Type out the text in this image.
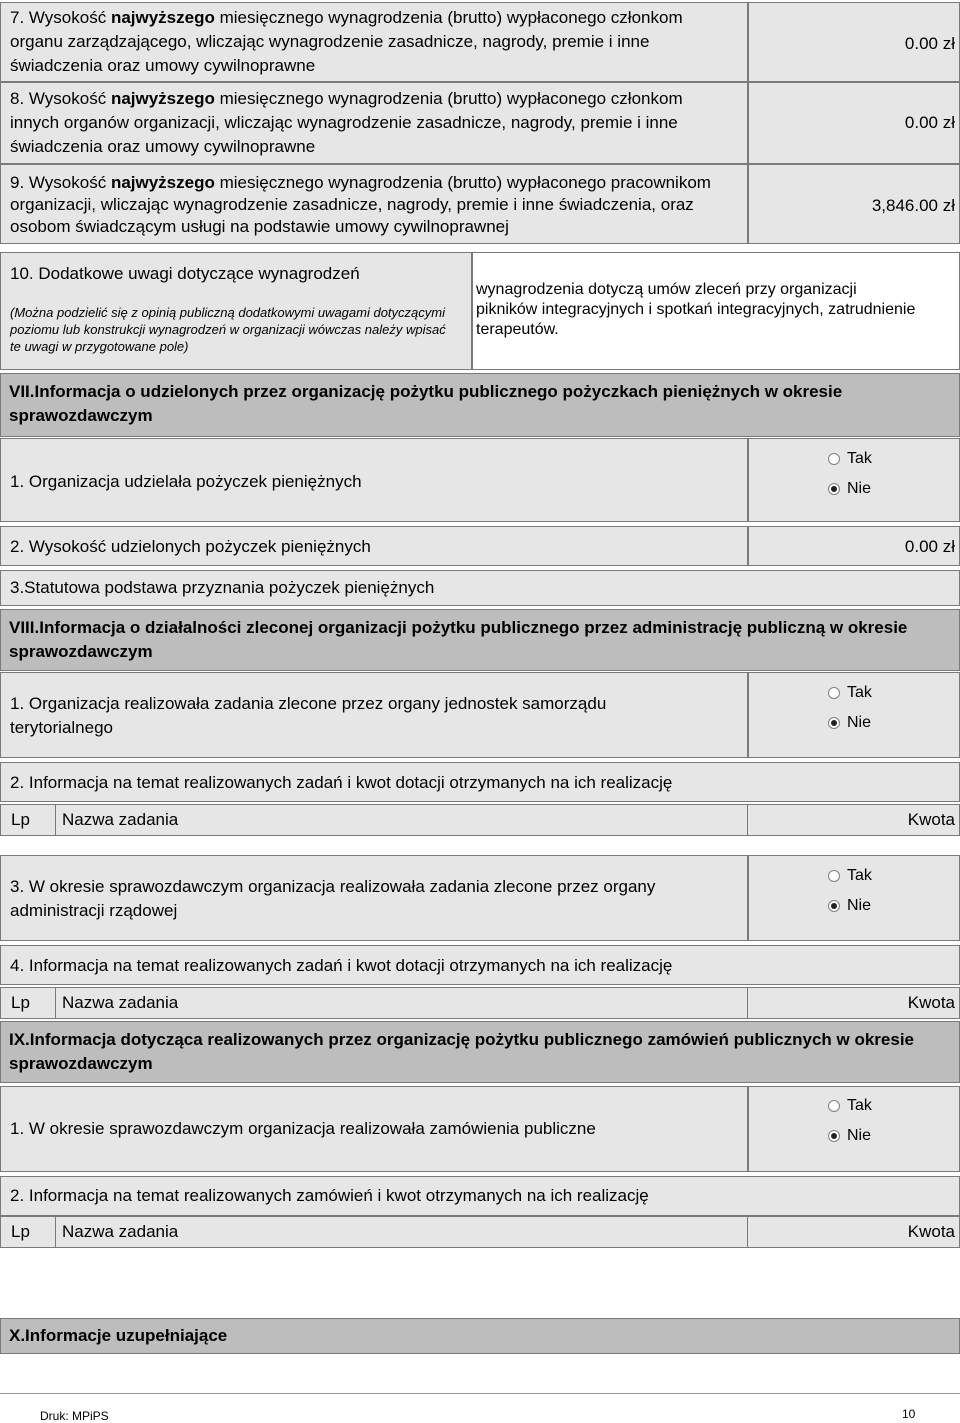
7. Wysokość najwyższego miesięcznego wynagrodzenia (brutto) wypłaconego członkom organu zarządzającego, wliczając wynagrodzenie zasadnicze, nagrody, premie i inne świadczenia oraz umowy cywilnoprawne
0.00 zł
8. Wysokość najwyższego miesięcznego wynagrodzenia (brutto) wypłaconego członkom innych organów organizacji, wliczając wynagrodzenie zasadnicze, nagrody, premie i inne świadczenia oraz umowy cywilnoprawne
0.00 zł
9. Wysokość najwyższego miesięcznego wynagrodzenia (brutto) wypłaconego pracownikom organizacji, wliczając wynagrodzenie zasadnicze, nagrody, premie i inne świadczenia, oraz osobom świadczącym usługi na podstawie umowy cywilnoprawnej
3,846.00 zł
10. Dodatkowe uwagi dotyczące wynagrodzeń
(Można podzielić się z opinią publiczną dodatkowymi uwagami dotyczącymi poziomu lub konstrukcji wynagrodzeń w organizacji wówczas należy wpisać te uwagi w przygotowane pole)
wynagrodzenia dotyczą umów zleceń przy organizacji pikników integracyjnych i spotkań integracyjnych, zatrudnienie terapeutów.
VII.Informacja o udzielonych przez organizację pożytku publicznego pożyczkach pieniężnych w okresie sprawozdawczym
1. Organizacja udzielała pożyczek pieniężnych
Tak
Nie
2. Wysokość udzielonych pożyczek pieniężnych	0.00 zł
3.Statutowa podstawa przyznania pożyczek pieniężnych
VIII.Informacja o działalności zleconej organizacji pożytku publicznego przez administrację publiczną w okresie sprawozdawczym
1. Organizacja realizowała zadania zlecone przez organy jednostek samorządu terytorialnego
Tak
Nie
2. Informacja na temat realizowanych zadań i kwot dotacji otrzymanych na ich realizację
Lp	Nazwa zadania	Kwota
3. W okresie sprawozdawczym organizacja realizowała zadania zlecone przez organy administracji rządowej
Tak
Nie
4. Informacja na temat realizowanych zadań i kwot dotacji otrzymanych na ich realizację
Lp	Nazwa zadania	Kwota
IX.Informacja dotycząca realizowanych przez organizację pożytku publicznego zamówień publicznych w okresie sprawozdawczym
1. W okresie sprawozdawczym organizacja realizowała zamówienia publiczne
Tak
Nie
2. Informacja na temat realizowanych zamówień i kwot otrzymanych na ich realizację
Lp	Nazwa zadania	Kwota
X.Informacje uzupełniające
Druk: MPiPS	10
